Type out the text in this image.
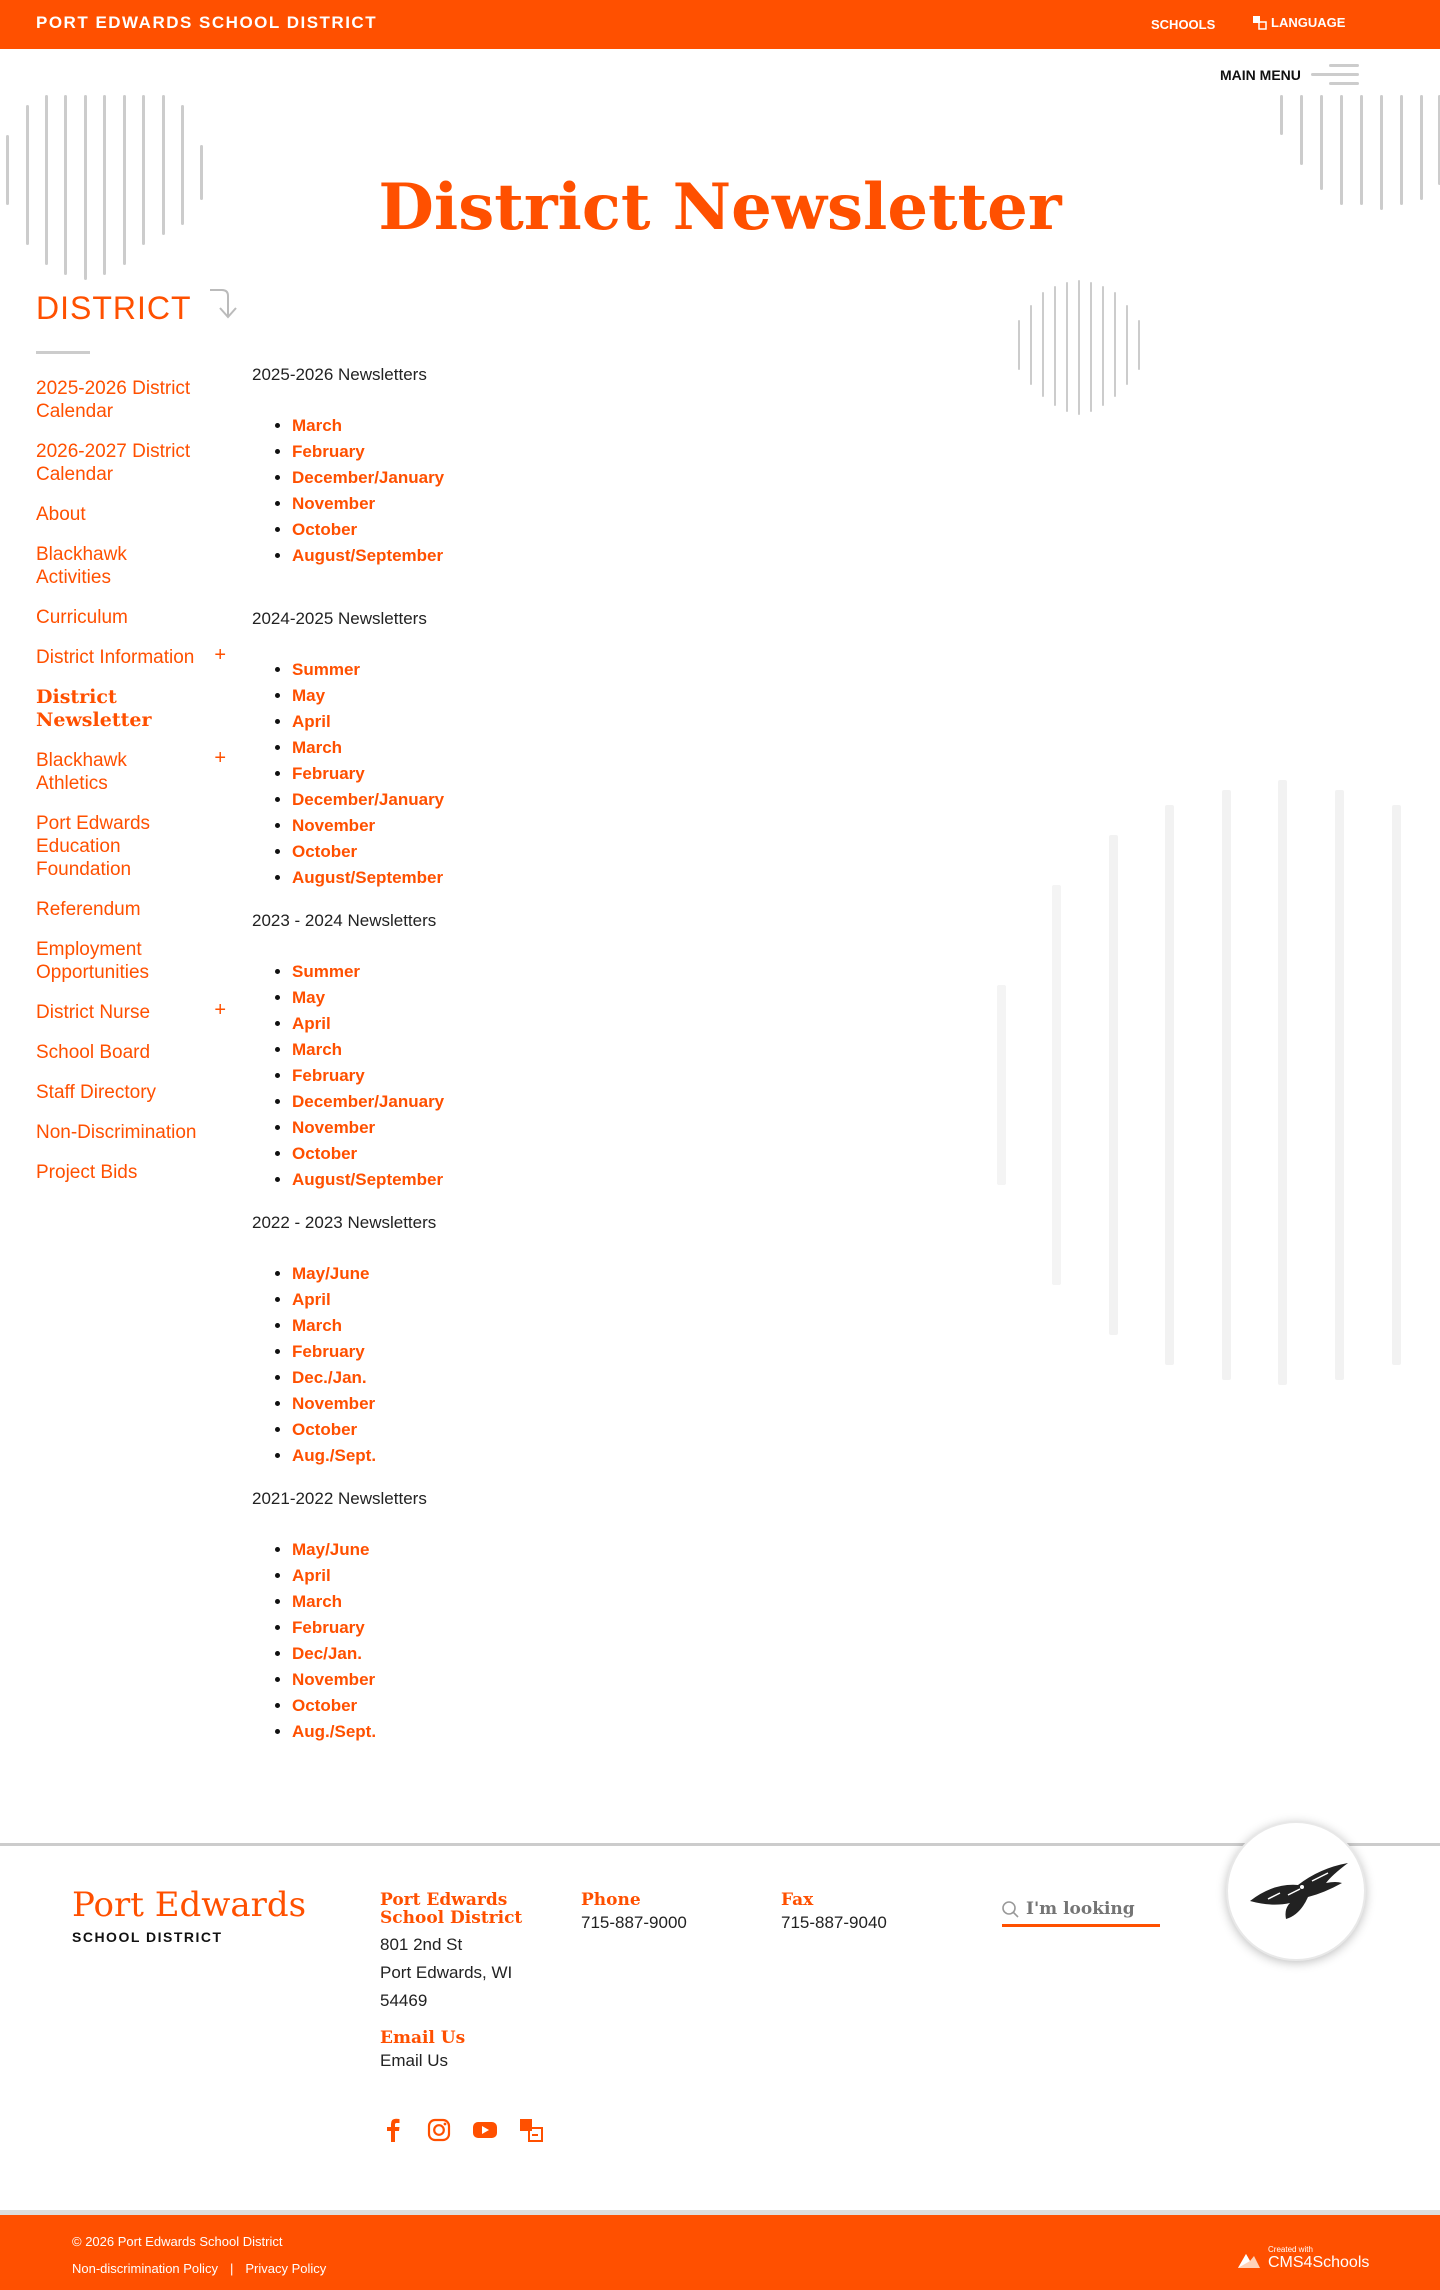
PORT EDWARDS SCHOOL DISTRICT	SCHOOLS	LANGUAGE
MAIN MENU
District Newsletter
DISTRICT
2025-2026 District Calendar
2026-2027 District Calendar
About
Blackhawk Activities
Curriculum
District Information +
District Newsletter
Blackhawk Athletics
+
Port Edwards Education Foundation
Referendum
Employment Opportunities
District Nurse	+
School Board
Staff Directory
Non-Discrimination
Project Bids
2025-2026 Newsletters
• March
• February
• December/January
• November
• October
• August/September
2024-2025 Newsletters
• Summer
• May
• April
• March
• February
• December/January
• November
• October
• August/September
2023 - 2024 Newsletters
• Summer
• May
• April
• March
• February
• December/January
• November
• October
• August/September
2022 - 2023 Newsletters
• May/June
• April
• March
• February
• Dec./Jan.
• November
• October
• Aug./Sept.
2021-2022 Newsletters
• May/June
• April
• March
• February
• Dec/Jan.
• November
• October
• Aug./Sept.
Port Edwards
SCHOOL DISTRICT
Port Edwards School District
801 2nd St
Port Edwards, WI
54469
Email Us
Email Us
Phone
715-887-9000
Fax
715-887-9040
I'm looking
© 2026 Port Edwards School District
Non-discrimination Policy | Privacy Policy
Created with
CMS4Schools
